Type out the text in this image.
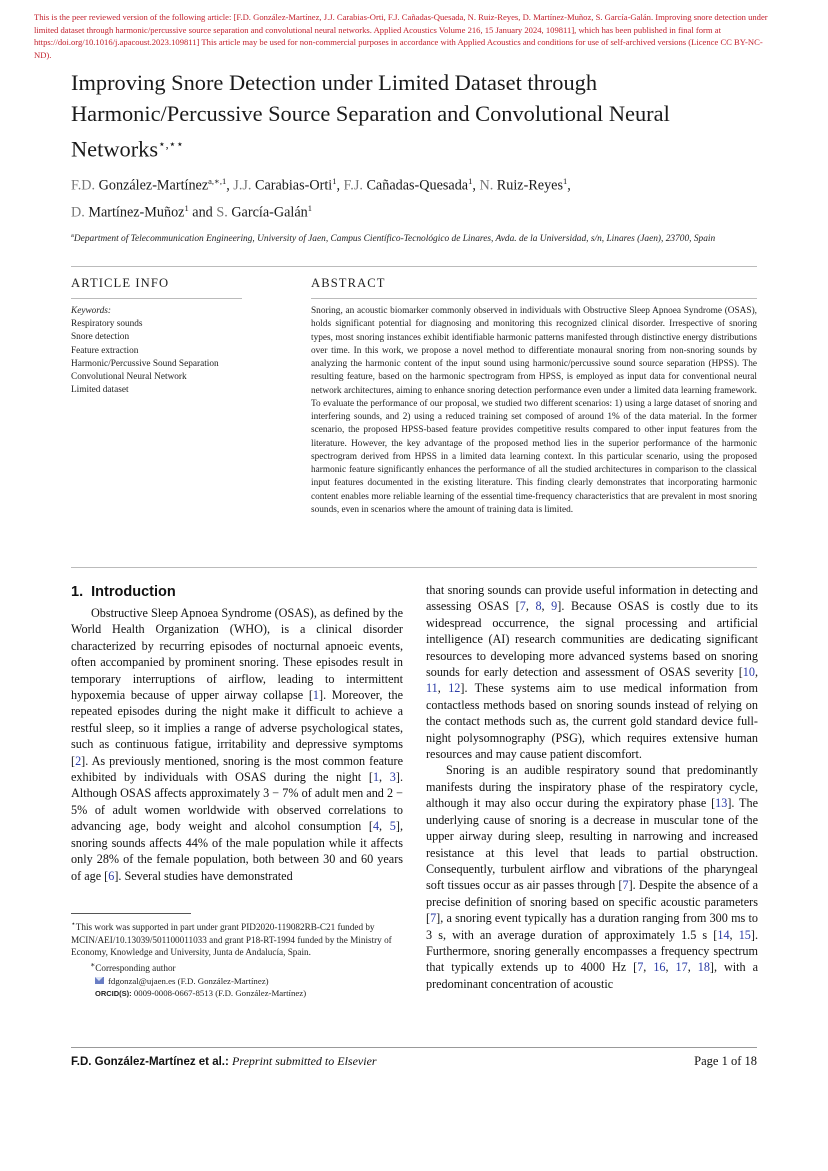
This is the peer reviewed version of the following article: [F.D. González-Martínez, J.J. Carabias-Orti, F.J. Cañadas-Quesada, N. Ruiz-Reyes, D. Martínez-Muñoz, S. García-Galán. Improving snore detection under limited dataset through harmonic/percussive source separation and convolutional neural networks. Applied Acoustics Volume 216, 15 January 2024, 109811], which has been published in final form at https://doi.org/10.1016/j.apacoust.2023.109811] This article may be used for non-commercial purposes in accordance with Applied Acoustics and conditions for use of self-archived versions (Licence CC BY-NC-ND).
Improving Snore Detection under Limited Dataset through Harmonic/Percussive Source Separation and Convolutional Neural Networks⋆,⋆⋆
F.D. González-Martínez$^{a,∗,1}$, J.J. Carabias-Orti$^1$, F.J. Cañadas-Quesada$^1$, N. Ruiz-Reyes$^1$,
D. Martínez-Muñoz$^1$ and S. García-Galán$^1$
$^a$Department of Telecommunication Engineering, University of Jaen, Campus Científico-Tecnológico de Linares, Avda. de la Universidad, s/n, Linares (Jaen), 23700, Spain
ARTICLE INFO	ABSTRACT
Keywords:
Respiratory sounds
Snore detection
Feature extraction
Harmonic/Percussive Sound Separation
Convolutional Neural Network
Limited dataset
Snoring, an acoustic biomarker commonly observed in individuals with Obstructive Sleep Apnoea Syndrome (OSAS), holds significant potential for diagnosing and monitoring this recognized clinical disorder. Irrespective of snoring types, most snoring instances exhibit identifiable harmonic patterns manifested through distinctive energy distributions over time. In this work, we propose a novel method to differentiate monaural snoring from non-snoring sounds by analyzing the harmonic content of the input sound using harmonic/percussive sound source separation (HPSS). The resulting feature, based on the harmonic spectrogram from HPSS, is employed as input data for conventional neural network architectures, aiming to enhance snoring detection performance even under a limited data learning framework. To evaluate the performance of our proposal, we studied two different scenarios: 1) using a large dataset of snoring and interfering sounds, and 2) using a reduced training set composed of around 1% of the data material. In the former scenario, the proposed HPSS-based feature provides competitive results compared to other input features from the literature. However, the key advantage of the proposed method lies in the superior performance of the harmonic spectrogram derived from HPSS in a limited data learning context. In this particular scenario, using the proposed harmonic feature significantly enhances the performance of all the studied architectures in comparison to the classical input features documented in the existing literature. This finding clearly demonstrates that incorporating harmonic content enables more reliable learning of the essential time-frequency characteristics that are prevalent in most snoring sounds, even in scenarios where the amount of training data is limited.
1. Introduction

Obstructive Sleep Apnoea Syndrome (OSAS), as defined by the World Health Organization (WHO), is a clinical disorder characterized by recurring episodes of nocturnal apnoeic events, often accompanied by prominent snoring. These episodes result in temporary interruptions of airflow, leading to intermittent hypoxemia because of upper airway collapse [1]. Moreover, the repeated episodes during the night make it difficult to achieve a restful sleep, so it implies a range of adverse psychological states, such as continuous fatigue, irritability and depressive symptoms [2]. As previously mentioned, snoring is the most common feature exhibited by individuals with OSAS during the night [1, 3]. Although OSAS affects approximately 3 − 7% of adult men and 2 − 5% of adult women worldwide with observed correlations to advancing age, body weight and alcohol consumption [4, 5], snoring sounds affects 44% of the male population while it affects only 28% of the female population, both between 30 and 60 years of age [6]. Several studies have demonstrated

that snoring sounds can provide useful information in detecting and assessing OSAS [7, 8, 9]. Because OSAS is costly due to its widespread occurrence, the signal processing and artificial intelligence (AI) research communities are dedicating significant resources to developing more advanced systems based on snoring sounds for early detection and assessment of OSAS severity [10, 11, 12]. These systems aim to use medical information from contactless methods based on snoring sounds instead of relying on the contact methods such as, the current gold standard device full-night polysomnography (PSG), which requires extensive human resources and may cause patient discomfort.

Snoring is an audible respiratory sound that predominantly manifests during the inspiratory phase of the respiratory cycle, although it may also occur during the expiratory phase [13]. The underlying cause of snoring is a decrease in muscular tone of the upper airway during sleep, resulting in narrowing and increased resistance at this level that leads to partial obstruction. Consequently, turbulent airflow and vibrations of the pharyngeal soft tissues occur as air passes through [7]. Despite the absence of a precise definition of snoring based on specific acoustic parameters [7], a snoring event typically has a duration ranging from 300 ms to 3 s, with an average duration of approximately 1.5 s [14, 15]. Furthermore, snoring generally encompasses a frequency spectrum that typically extends up to 4000 Hz [7, 16, 17, 18], with a predominant concentration of acoustic

⋆This work was supported in part under grant PID2020-119082RB-C21 funded by MCIN/AEI/10.13039/501100011033 and grant P18-RT-1994 funded by the Ministry of Economy, Knowledge and University, Junta de Andalucía, Spain.
∗Corresponding author
fdgonzal@ujaen.es (F.D. González-Martínez)
ORCID(S): 0009-0008-0667-8513 (F.D. González-Martínez)
F.D. González-Martínez et al.: Preprint submitted to Elsevier	Page 1 of 18
